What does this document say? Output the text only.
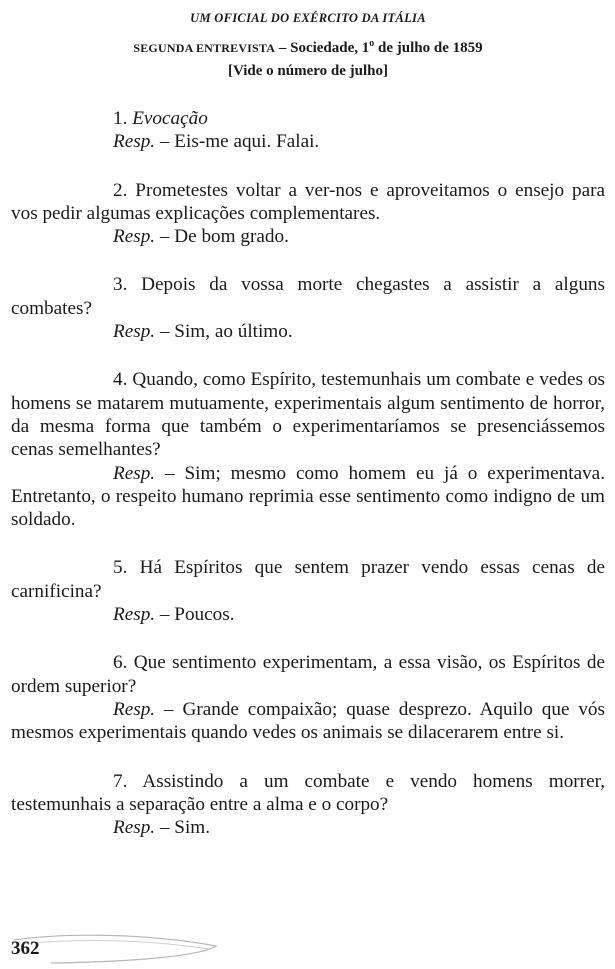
UM OFICIAL DO EXÉRCITO DA ITÁLIA
SEGUNDA ENTREVISTA – Sociedade, 1$^o$ de julho de 1859
[Vide o número de julho]

1. Evocação

Resp. – Eis-me aqui. Falai.

2. Prometestes voltar a ver-nos e aproveitamos o ensejo para vos pedir algumas explicações complementares.

Resp. – De bom grado.

3. Depois da vossa morte chegastes a assistir a alguns combates?

Resp. – Sim, ao último.

4. Quando, como Espírito, testemunhais um combate e vedes os homens se matarem mutuamente, experimentais algum sentimento de horror, da mesma forma que também o experimentaríamos se presenciássemos cenas semelhantes?

Resp. – Sim; mesmo como homem eu já o experimentava. Entretanto, o respeito humano reprimia esse sentimento como indigno de um soldado.

5. Há Espíritos que sentem prazer vendo essas cenas de carnificina?

Resp. – Poucos.

6. Que sentimento experimentam, a essa visão, os Espíritos de ordem superior?

Resp. – Grande compaixão; quase desprezo. Aquilo que vós mesmos experimentais quando vedes os animais se dilacerarem entre si.

7. Assistindo a um combate e vendo homens morrer, testemunhais a separação entre a alma e o corpo?

Resp. – Sim.

362
